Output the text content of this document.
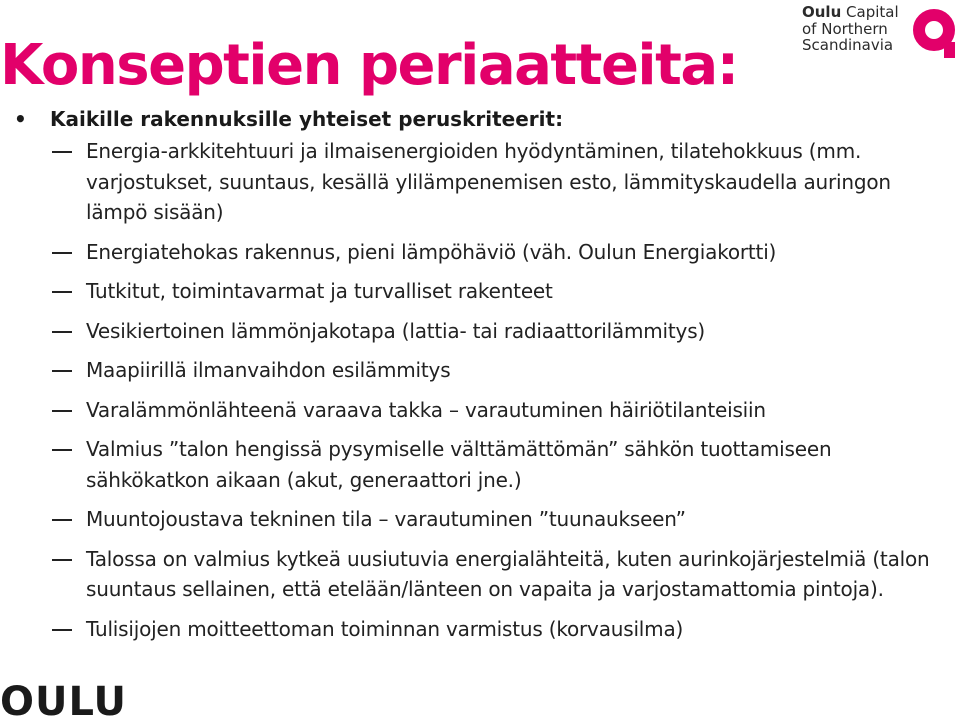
Konseptien periaatteita:
Oulu Capital
of Northern
Scandinavia
•	Kaikille rakennuksille yhteiset peruskriteerit:
Energia-arkkitehtuuri ja ilmaisenergioiden hyödyntäminen, tilatehokkuus (mm. varjostukset, suuntaus, kesällä ylilämpenemisen esto, lämmityskaudella auringon lämpö sisään)
Energiatehokas rakennus, pieni lämpöhäviö (väh. Oulun Energiakortti)
Tutkitut, toimintavarmat ja turvalliset rakenteet
Vesikiertoinen lämmönjakotapa (lattia- tai radiaattorilämmitys)
Maapiirillä ilmanvaihdon esilämmitys
Varalämmönlähteenä varaava takka – varautuminen häiriötilanteisiin
Valmius ”talon hengissä pysymiselle välttämättömän” sähkön tuottamiseen sähkökatkon aikaan (akut, generaattori jne.)
Muuntojoustava tekninen tila – varautuminen ”tuunaukseen”
Talossa on valmius kytkeä uusiutuvia energialähteitä, kuten aurinkojärjestelmiä (talon suuntaus sellainen, että etelään/länteen on vapaita ja varjostamattomia pintoja).
Tulisijojen moitteettoman toiminnan varmistus (korvausilma)
OULU
